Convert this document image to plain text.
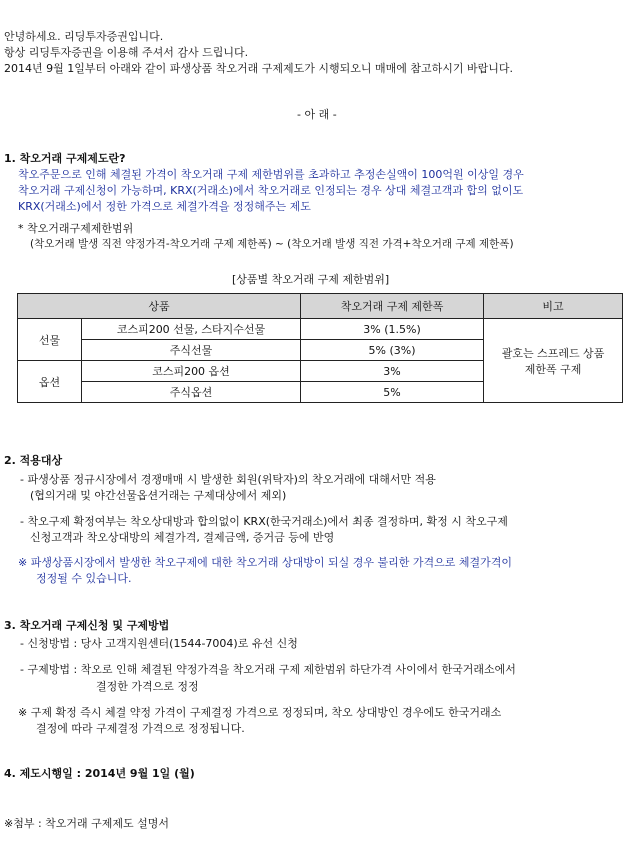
안녕하세요. 리딩투자증권입니다.
항상 리딩투자증권을 이용해 주셔서 감사 드립니다.
2014년 9월 1일부터 아래와 같이 파생상품 착오거래 구제제도가 시행되오니 매매에 참고하시기 바랍니다.
- 아 래 -
1. 착오거래 구제제도란?
착오주문으로 인해 체결된 가격이 착오거래 구제 제한범위를 초과하고 추정손실액이 100억원 이상일 경우
착오거래 구제신청이 가능하며, KRX(거래소)에서 착오거래로 인정되는 경우 상대 체결고객과 합의 없이도
KRX(거래소)에서 정한 가격으로 체결가격을 정정해주는 제도
* 착오거래구제제한범위
(착오거래 발생 직전 약정가격-착오거래 구제 제한폭) ~ (착오거래 발생 직전 가격+착오거래 구제 제한폭)
[상품별 착오거래 구제 제한범위]
상품		착오거래 구제 제한폭	비고
선물	코스피200 선물, 스타지수선물	3% (1.5%)	괄호는 스프레드 상품
제한폭 구제

	주식선물	5% (3%)	
옵션	코스피200 옵션	3%	
	주식옵션	5%	
2. 적용대상
- 파생상품 정규시장에서 경쟁매매 시 발생한 회원(위탁자)의 착오거래에 대해서만 적용
(협의거래 및 야간선물옵션거래는 구제대상에서 제외)
- 착오구제 확정여부는 착오상대방과 합의없이 KRX(한국거래소)에서 최종 결정하며, 확정 시 착오구제
신청고객과 착오상대방의 체결가격, 결제금액, 증거금 등에 반영
※ 파생상품시장에서 발생한 착오구제에 대한 착오거래 상대방이 되실 경우 불리한 가격으로 체결가격이
정정될 수 있습니다.
3. 착오거래 구제신청 및 구제방법
- 신청방법 : 당사 고객지원센터(1544-7004)로 유선 신청
- 구제방법 : 착오로 인해 체결된 약정가격을 착오거래 구제 제한범위 하단가격 사이에서 한국거래소에서
결정한 가격으로 정정
※ 구제 확정 즉시 체결 약정 가격이 구제결정 가격으로 정정되며, 착오 상대방인 경우에도 한국거래소
결정에 따라 구제결정 가격으로 정정됩니다.
4. 제도시행일 : 2014년 9월 1일 (월)
※첨부 : 착오거래 구제제도 설명서
